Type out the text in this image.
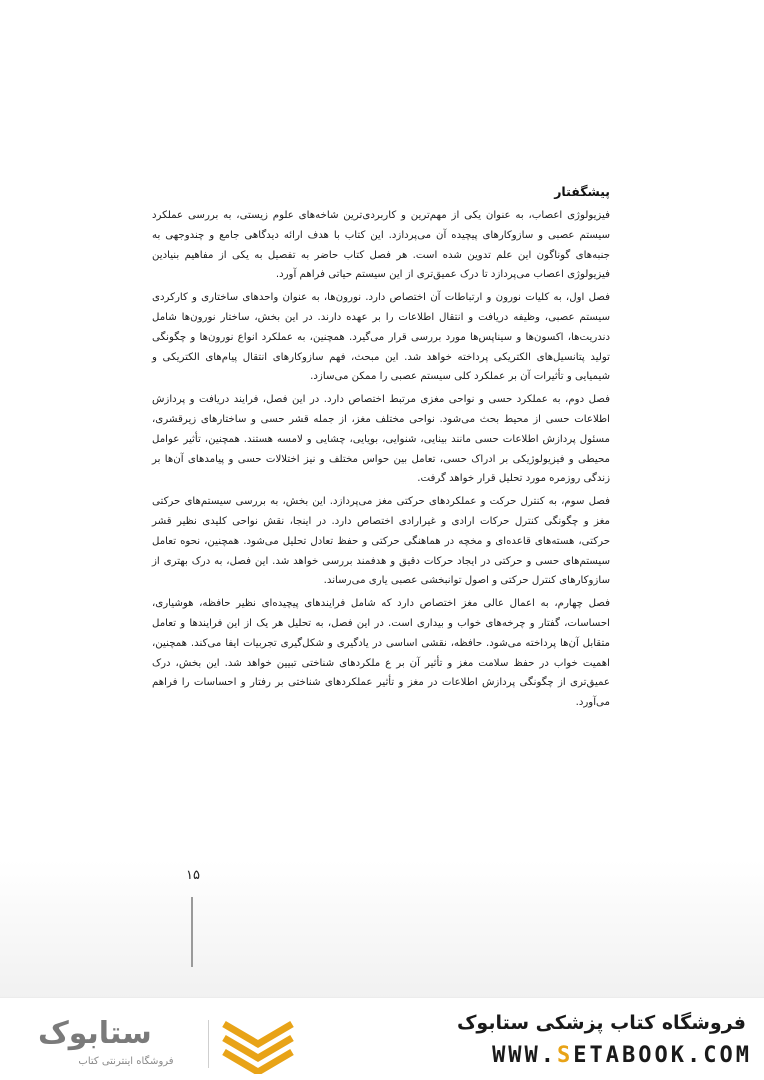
پیشگفتار

فیزیولوژی اعصاب، به عنوان یکی از مهم‌ترین و کاربردی‌ترین شاخه‌های علوم زیستی، به بررسی عملکرد سیستم عصبی و سازوکارهای پیچیده آن می‌پردازد. این کتاب با هدف ارائه دیدگاهی جامع و چندوجهی به جنبه‌های گوناگون این علم تدوین شده است. هر فصل کتاب حاضر به تفصیل به یکی از مفاهیم بنیادین فیزیولوژی اعصاب می‌پردازد تا درک عمیق‌تری از این سیستم حیاتی فراهم آورد.

فصل اول، به کلیات نورون و ارتباطات آن اختصاص دارد. نورون‌ها، به عنوان واحدهای ساختاری و کارکردی سیستم عصبی، وظیفه دریافت و انتقال اطلاعات را بر عهده دارند. در این بخش، ساختار نورون‌ها شامل دندریت‌ها، اکسون‌ها و سیناپس‌ها مورد بررسی قرار می‌گیرد. همچنین، به عملکرد انواع نورون‌ها و چگونگی تولید پتانسیل‌های الکتریکی پرداخته خواهد شد. این مبحث، فهم سازوکارهای انتقال پیام‌های الکتریکی و شیمیایی و تأثیرات آن بر عملکرد کلی سیستم عصبی را ممکن می‌سازد.

فصل دوم، به عملکرد حسی و نواحی مغزی مرتبط اختصاص دارد. در این فصل، فرایند دریافت و پردازش اطلاعات حسی از محیط بحث می‌شود. نواحی مختلف مغز، از جمله قشر حسی و ساختارهای زیرقشری، مسئول پردازش اطلاعات حسی مانند بینایی، شنوایی، بویایی، چشایی و لامسه هستند. همچنین، تأثیر عوامل محیطی و فیزیولوژیکی بر ادراک حسی، تعامل بین حواس مختلف و نیز اختلالات حسی و پیامدهای آن‌ها بر زندگی روزمره مورد تحلیل قرار خواهد گرفت.

فصل سوم، به کنترل حرکت و عملکردهای حرکتی مغز می‌پردازد. این بخش، به بررسی سیستم‌های حرکتی مغز و چگونگی کنترل حرکات ارادی و غیرارادی اختصاص دارد. در اینجا، نقش نواحی کلیدی نظیر قشر حرکتی، هسته‌های قاعده‌ای و مخچه در هماهنگی حرکتی و حفظ تعادل تحلیل می‌شود. همچنین، نحوه تعامل سیستم‌های حسی و حرکتی در ایجاد حرکات دقیق و هدفمند بررسی خواهد شد. این فصل، به درک بهتری از سازوکارهای کنترل حرکتی و اصول توانبخشی عصبی یاری می‌رساند.

فصل چهارم، به اعمال عالی مغز اختصاص دارد که شامل فرایندهای پیچیده‌ای نظیر حافظه، هوشیاری، احساسات، گفتار و چرخه‌های خواب و بیداری است. در این فصل، به تحلیل هر یک از این فرایندها و تعامل متقابل آن‌ها پرداخته می‌شود. حافظه، نقشی اساسی در یادگیری و شکل‌گیری تجربیات ایفا می‌کند. همچنین، اهمیت خواب در حفظ سلامت مغز و تأثیر آن بر ع ملکردهای شناختی تبیین خواهد شد. این بخش، درک عمیق‌تری از چگونگی پردازش اطلاعات در مغز و تأثیر عملکردهای شناختی بر رفتار و احساسات را فراهم می‌آورد.

۱۵
ستابوک
فروشگاه اینترنتی کتاب
فروشگاه کتاب پزشکی ستابوک
WWW.SETABOOK.COM
